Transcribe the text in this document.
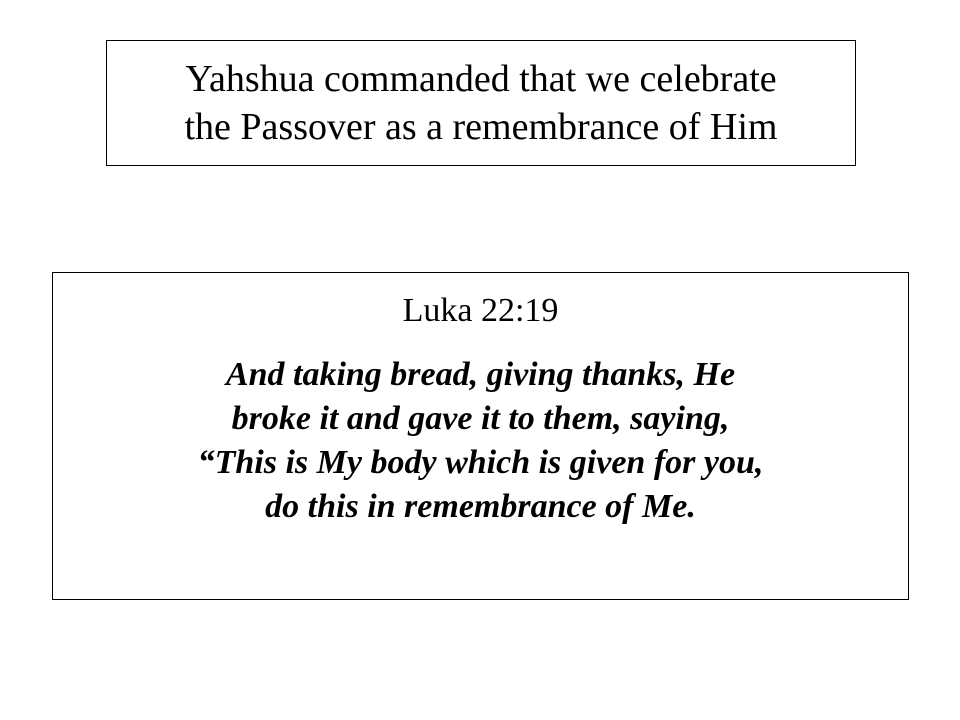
Yahshua commanded that we celebrate
the Passover as a remembrance of Him
Luka 22:19
And taking bread, giving thanks, He
broke it and gave it to them, saying,
“This is My body which is given for you,
do this in remembrance of Me.
